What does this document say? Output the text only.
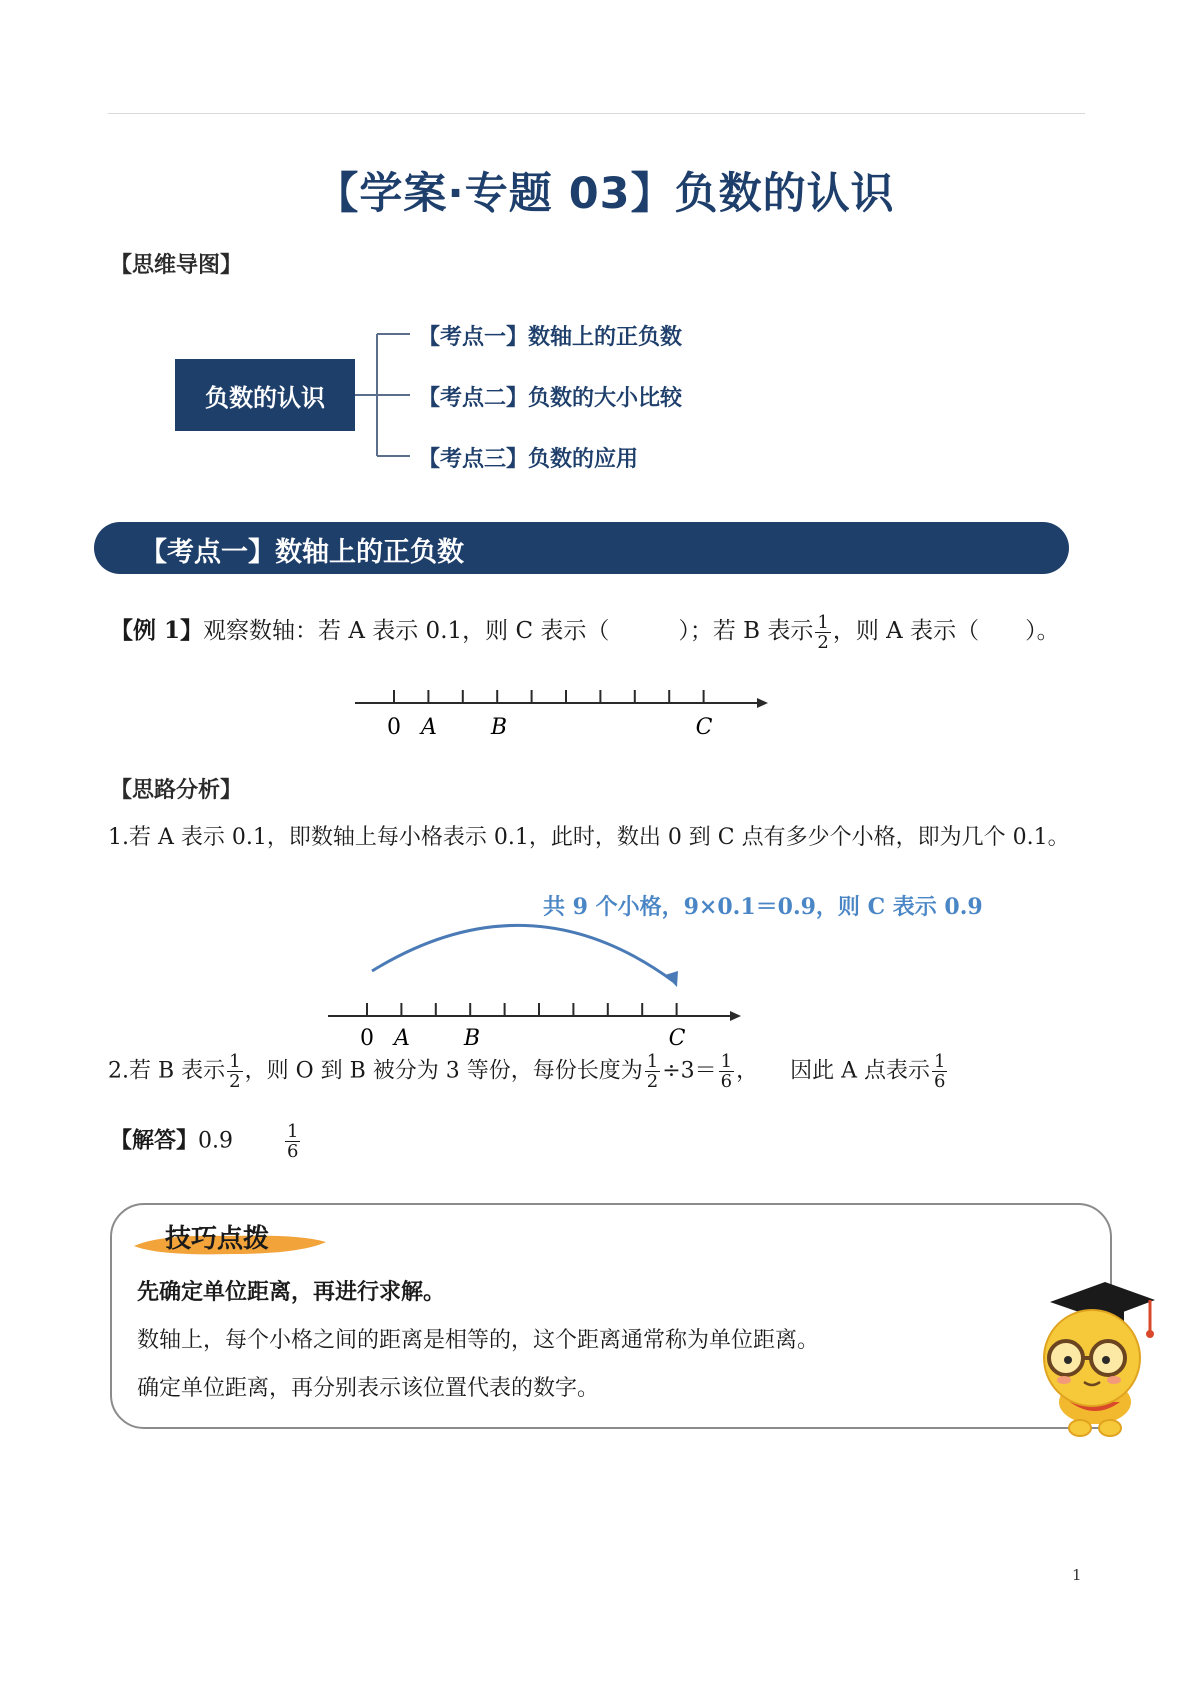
【学案·专题 03】负数的认识
【思维导图】
负数的认识
【考点一】数轴上的正负数
【考点二】负数的大小比较
【考点三】负数的应用
【考点一】数轴上的正负数
【例 1】观察数轴：若 A 表示 0.1，则 C 表示（　　　）；若 B 表示 $\frac{1}{2}$ ，则 A 表示（　　）。
0 A B	C
【思路分析】
1.若 A 表示 0.1，即数轴上每小格表示 0.1，此时，数出 0 到 C 点有多少个小格，即为几个 0.1。
共 9 个小格，9×0.1＝0.9，则 C 表示 0.9
0 A B	C
2.若 B 表示 $\frac{1}{2}$ ，则 O 到 B 被分为 3 等份，每份长度为 $\frac{1}{2} \div 3= \frac{1}{6}$ ， 因此 A 点表示 $\frac{1}{6}$
【解答】0.9	$\frac{1}{6}$
技巧点拨
先确定单位距离，再进行求解。
数轴上，每个小格之间的距离是相等的，这个距离通常称为单位距离。
确定单位距离，再分别表示该位置代表的数字。
1
